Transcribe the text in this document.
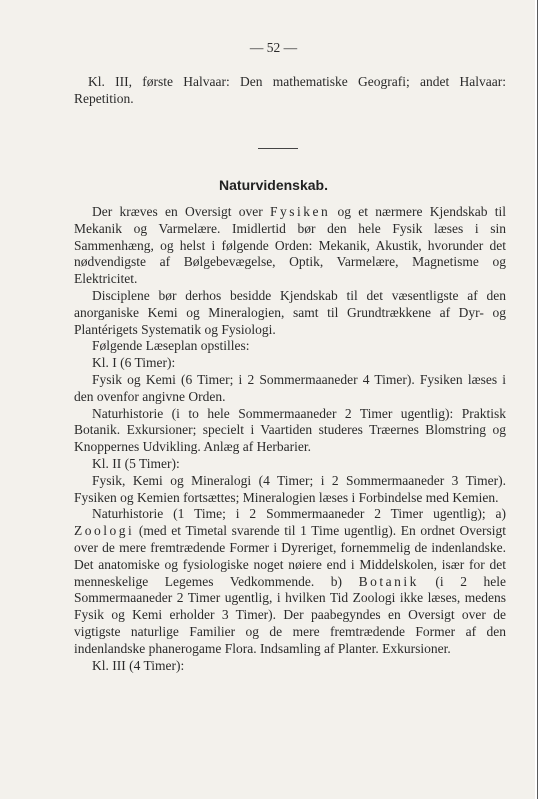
— 52 —

Kl. III, første Halvaar: Den mathematiske Geografi; andet Halvaar: Repetition.

Naturvidenskab.

Der kræves en Oversigt over Fysiken og et nærmere Kjendskab til Mekanik og Varmelære. Imidlertid bør den hele Fysik læses i sin Sammenhæng, og helst i følgende Orden: Mekanik, Akustik, hvorunder det nødvendigste af Bølgebevægelse, Optik, Varmelære, Magnetisme og Elektricitet.

Disciplene bør derhos besidde Kjendskab til det væsentligste af den anorganiske Kemi og Mineralogien, samt til Grundtrækkene af Dyr- og Plantérigets Systematik og Fysiologi.

Følgende Læseplan opstilles:

Kl. I (6 Timer):

Fysik og Kemi (6 Timer; i 2 Sommermaaneder 4 Timer). Fysiken læses i den ovenfor angivne Orden.

Naturhistorie (i to hele Sommermaaneder 2 Timer ugentlig): Praktisk Botanik. Exkursioner; specielt i Vaartiden studeres Træernes Blomstring og Knoppernes Udvikling. Anlæg af Herbarier.

Kl. II (5 Timer):

Fysik, Kemi og Mineralogi (4 Timer; i 2 Sommermaaneder 3 Timer). Fysiken og Kemien fortsættes; Mineralogien læses i Forbindelse med Kemien.

Naturhistorie (1 Time; i 2 Sommermaaneder 2 Timer ugentlig); a) Zoologi (med et Timetal svarende til 1 Time ugentlig). En ordnet Oversigt over de mere fremtrædende Former i Dyreriget, fornemmelig de indenlandske. Det anatomiske og fysiologiske noget nøiere end i Middelskolen, især for det menneskelige Legemes Vedkommende. b) Botanik (i 2 hele Sommermaaneder 2 Timer ugentlig, i hvilken Tid Zoologi ikke læses, medens Fysik og Kemi erholder 3 Timer). Der paabegyndes en Oversigt over de vigtigste naturlige Familier og de mere fremtrædende Former af den indenlandske phanerogame Flora. Indsamling af Planter. Exkursioner.

Kl. III (4 Timer):
